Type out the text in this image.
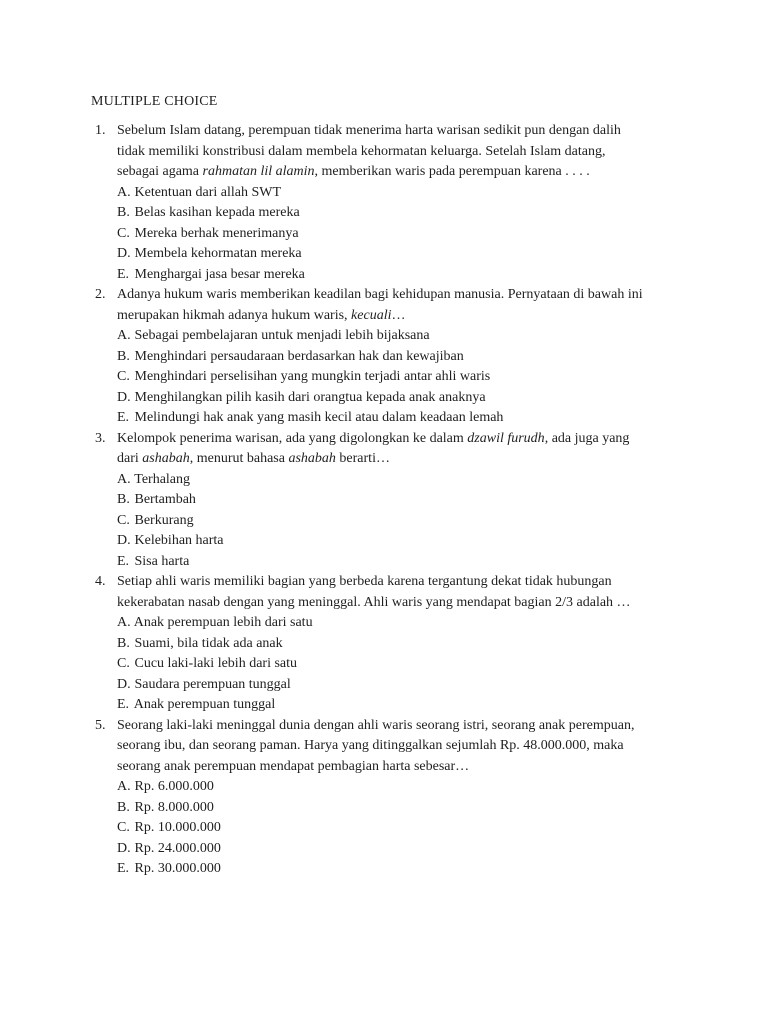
MULTIPLE CHOICE
1. Sebelum Islam datang, perempuan tidak menerima harta warisan sedikit pun dengan dalih
tidak memiliki konstribusi dalam membela kehormatan keluarga. Setelah Islam datang,
sebagai agama rahmatan lil alamin, memberikan waris pada perempuan karena . . . .
A. Ketentuan dari allah SWT
B. Belas kasihan kepada mereka
C. Mereka berhak menerimanya
D. Membela kehormatan mereka
E. Menghargai jasa besar mereka
2. Adanya hukum waris memberikan keadilan bagi kehidupan manusia. Pernyataan di bawah ini
merupakan hikmah adanya hukum waris, kecuali…
A. Sebagai pembelajaran untuk menjadi lebih bijaksana
B. Menghindari persaudaraan berdasarkan hak dan kewajiban
C. Menghindari perselisihan yang mungkin terjadi antar ahli waris
D. Menghilangkan pilih kasih dari orangtua kepada anak anaknya
E. Melindungi hak anak yang masih kecil atau dalam keadaan lemah
3. Kelompok penerima warisan, ada yang digolongkan ke dalam dzawil furudh, ada juga yang
dari ashabah, menurut bahasa ashabah berarti…
A. Terhalang
B. Bertambah
C. Berkurang
D. Kelebihan harta
E. Sisa harta
4. Setiap ahli waris memiliki bagian yang berbeda karena tergantung dekat tidak hubungan
kekerabatan nasab dengan yang meninggal. Ahli waris yang mendapat bagian 2/3 adalah …
A. Anak perempuan lebih dari satu
B. Suami, bila tidak ada anak
C. Cucu laki-laki lebih dari satu
D. Saudara perempuan tunggal
E. Anak perempuan tunggal
5. Seorang laki-laki meninggal dunia dengan ahli waris seorang istri, seorang anak perempuan,
seorang ibu, dan seorang paman. Harya yang ditinggalkan sejumlah Rp. 48.000.000, maka
seorang anak perempuan mendapat pembagian harta sebesar…
A. Rp. 6.000.000
B. Rp. 8.000.000
C. Rp. 10.000.000
D. Rp. 24.000.000
E. Rp. 30.000.000
